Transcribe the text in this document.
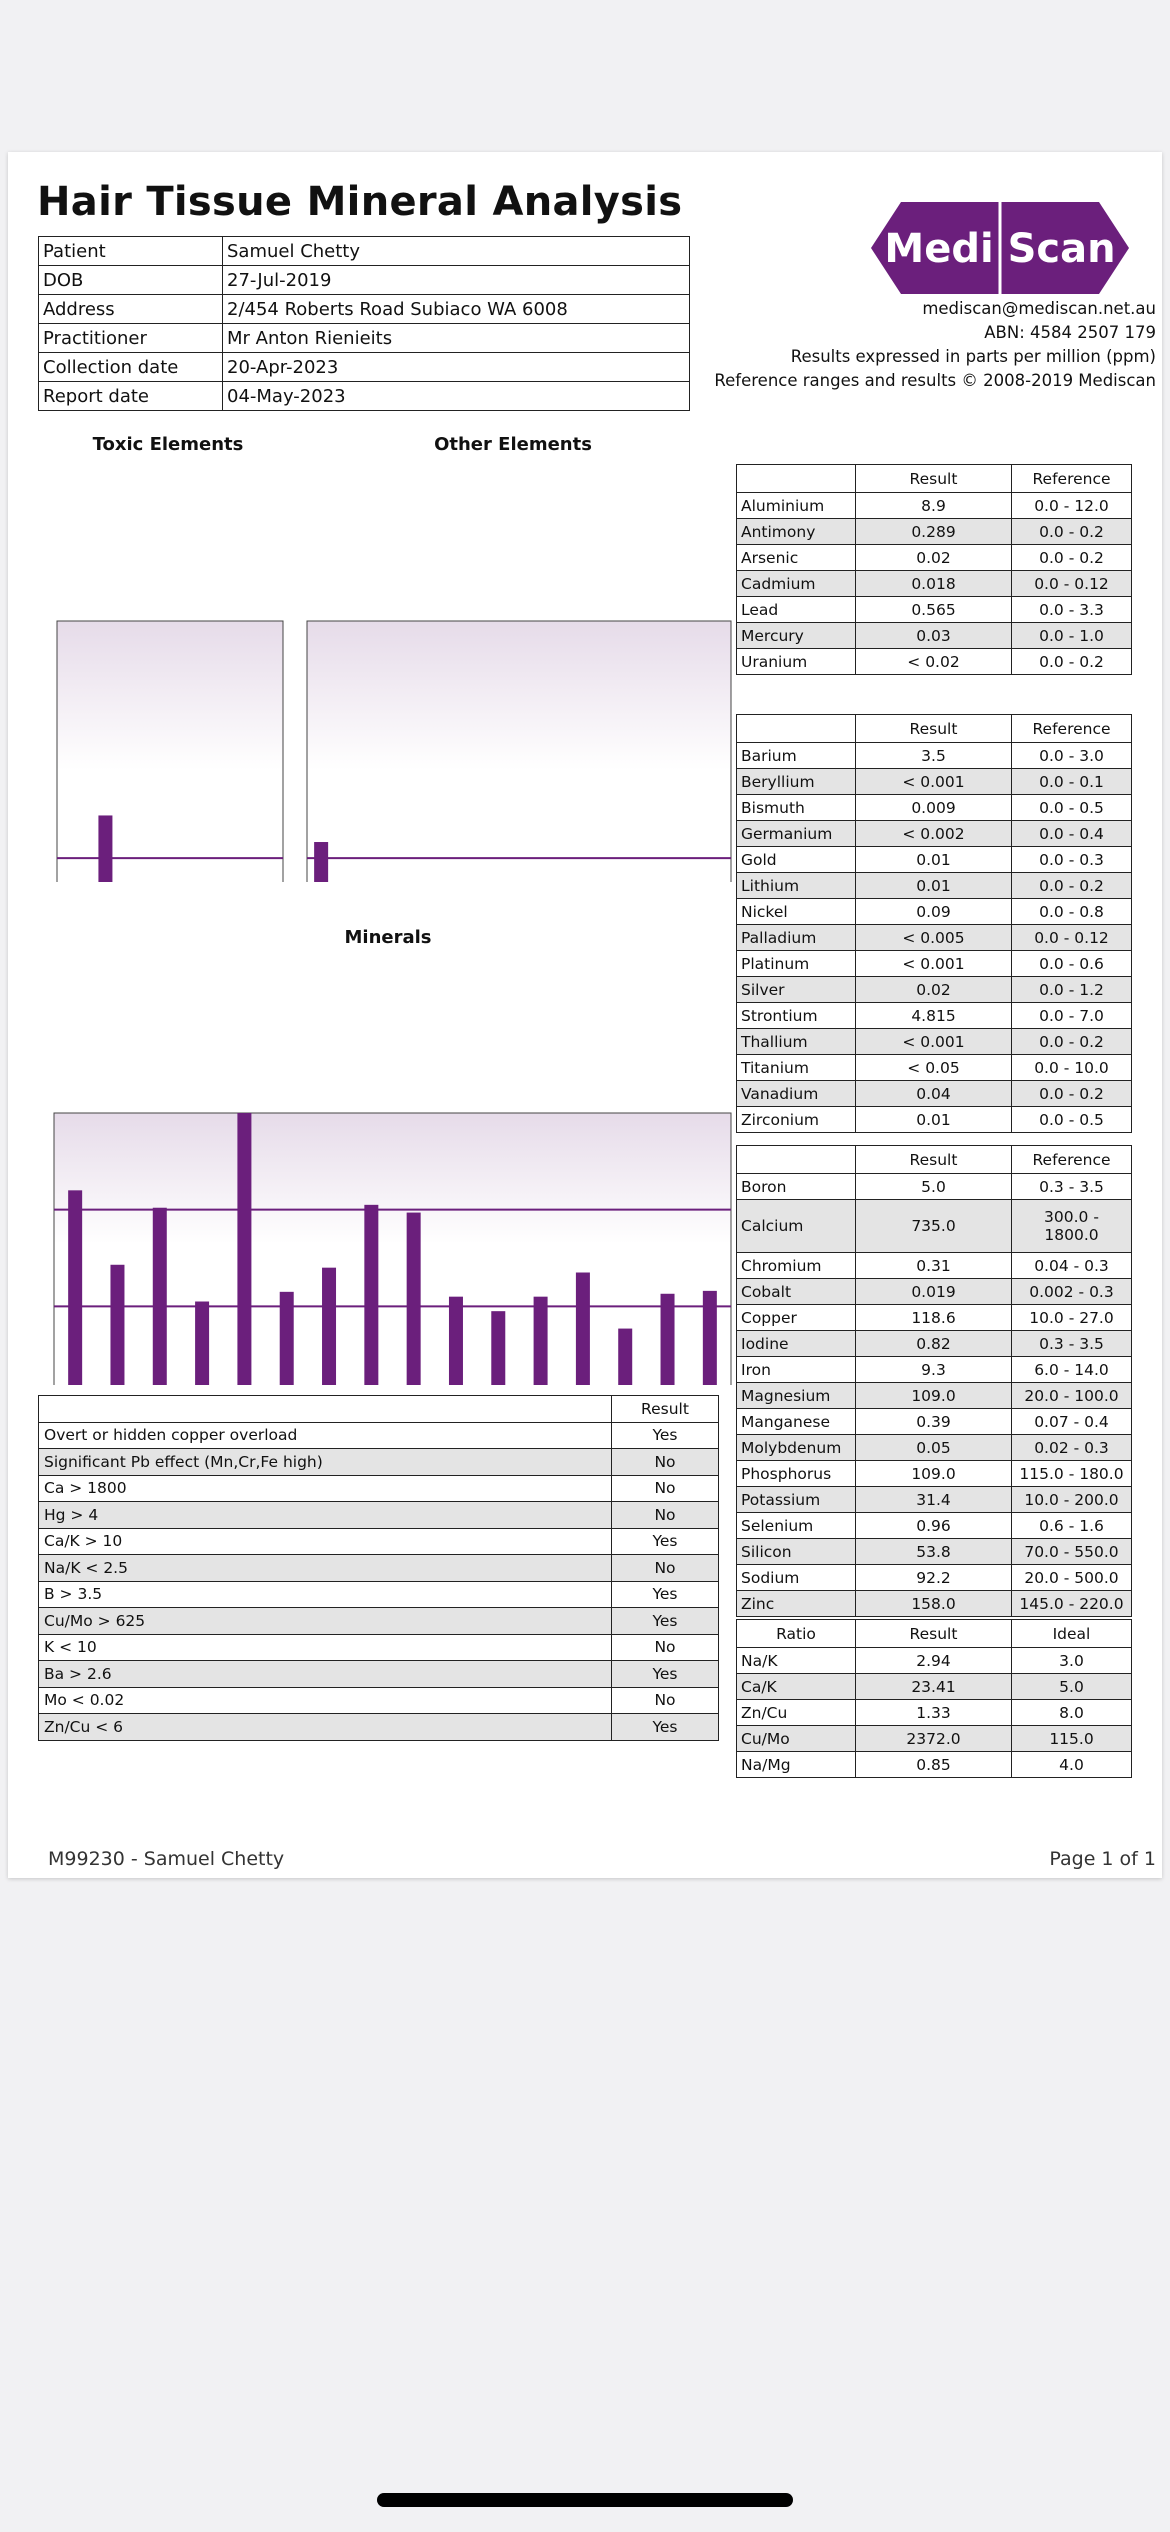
Hair Tissue Mineral Analysis
Patient	Samuel Chetty
DOB	27-Jul-2019
Address	2/454 Roberts Road Subiaco WA 6008
Practitioner	Mr Anton Rienieits
Collection date	20-Apr-2023
Report date	04-May-2023
Medi Scan
mediscan@mediscan.net.au
ABN: 4584 2507 179
Results expressed in parts per million (ppm)
Reference ranges and results © 2008-2019 Mediscan
Toxic Elements	Other Elements
Minerals
	Result	Reference
Aluminium	8.9	0.0 - 12.0
Antimony	0.289	0.0 - 0.2
Arsenic	0.02	0.0 - 0.2
Cadmium	0.018	0.0 - 0.12
Lead	0.565	0.0 - 3.3
Mercury	0.03	0.0 - 1.0
Uranium	< 0.02	0.0 - 0.2
	Result	Reference
Barium	3.5	0.0 - 3.0
Beryllium	< 0.001	0.0 - 0.1
Bismuth	0.009	0.0 - 0.5
Germanium	< 0.002	0.0 - 0.4
Gold	0.01	0.0 - 0.3
Lithium	0.01	0.0 - 0.2
Nickel	0.09	0.0 - 0.8
Palladium	< 0.005	0.0 - 0.12
Platinum	< 0.001	0.0 - 0.6
Silver	0.02	0.0 - 1.2
Strontium	4.815	0.0 - 7.0
Thallium	< 0.001	0.0 - 0.2
Titanium	< 0.05	0.0 - 10.0
Vanadium	0.04	0.0 - 0.2
Zirconium	0.01	0.0 - 0.5
	Result	Reference
Boron	5.0	0.3 - 3.5
Calcium	735.0	300.0 - 1800.0
Chromium	0.31	0.04 - 0.3
Cobalt	0.019	0.002 - 0.3
Copper	118.6	10.0 - 27.0
Iodine	0.82	0.3 - 3.5
Iron	9.3	6.0 - 14.0
Magnesium	109.0	20.0 - 100.0
Manganese	0.39	0.07 - 0.4
Molybdenum	0.05	0.02 - 0.3
Phosphorus	109.0	115.0 - 180.0
Potassium	31.4	10.0 - 200.0
Selenium	0.96	0.6 - 1.6
Silicon	53.8	70.0 - 550.0
Sodium	92.2	20.0 - 500.0
Zinc	158.0	145.0 - 220.0
Ratio	Result	Ideal
Na/K	2.94	3.0
Ca/K	23.41	5.0
Zn/Cu	1.33	8.0
Cu/Mo	2372.0	115.0
Na/Mg	0.85	4.0
	Result
Overt or hidden copper overload	Yes
Significant Pb effect (Mn,Cr,Fe high)	No
Ca > 1800	No
Hg > 4	No
Ca/K > 10	Yes
Na/K < 2.5	No
B > 3.5	Yes
Cu/Mo > 625	Yes
K < 10	No
Ba > 2.6	Yes
Mo < 0.02	No
Zn/Cu < 6	Yes
M99230 - Samuel Chetty	Page 1 of 1
